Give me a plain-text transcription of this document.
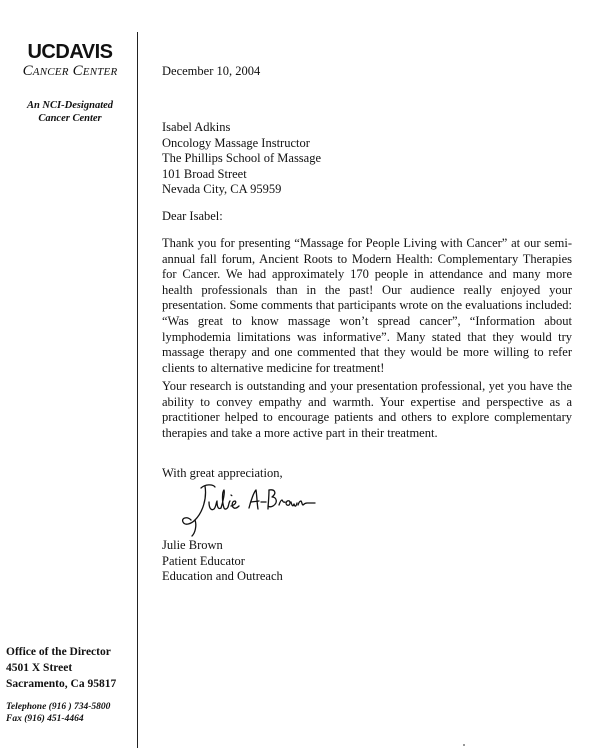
UCDAVIS
Cancer Center
An NCI-Designated
Cancer Center
Office of the Director
4501 X Street
Sacramento, Ca 95817
Telephone (916 ) 734-5800
Fax (916) 451-4464
December 10, 2004
Isabel Adkins
Oncology Massage Instructor
The Phillips School of Massage
101 Broad Street
Nevada City, CA 95959
Dear Isabel:
Thank you for presenting “Massage for People Living with Cancer” at our semi-annual fall forum, Ancient Roots to Modern Health: Complementary Therapies for Cancer. We had approximately 170 people in attendance and many more health professionals than in the past! Our audience really enjoyed your presentation. Some comments that participants wrote on the evaluations included: “Was great to know massage won’t spread cancer”, “Information about lymphodemia limitations was informative”. Many stated that they would try massage therapy and one commented that they would be more willing to refer clients to alternative medicine for treatment!
Your research is outstanding and your presentation professional, yet you have the ability to convey empathy and warmth. Your expertise and perspective as a practitioner helped to encourage patients and others to explore complementary therapies and take a more active part in their treatment.
With great appreciation,
Julie Brown
Patient Educator
Education and Outreach
